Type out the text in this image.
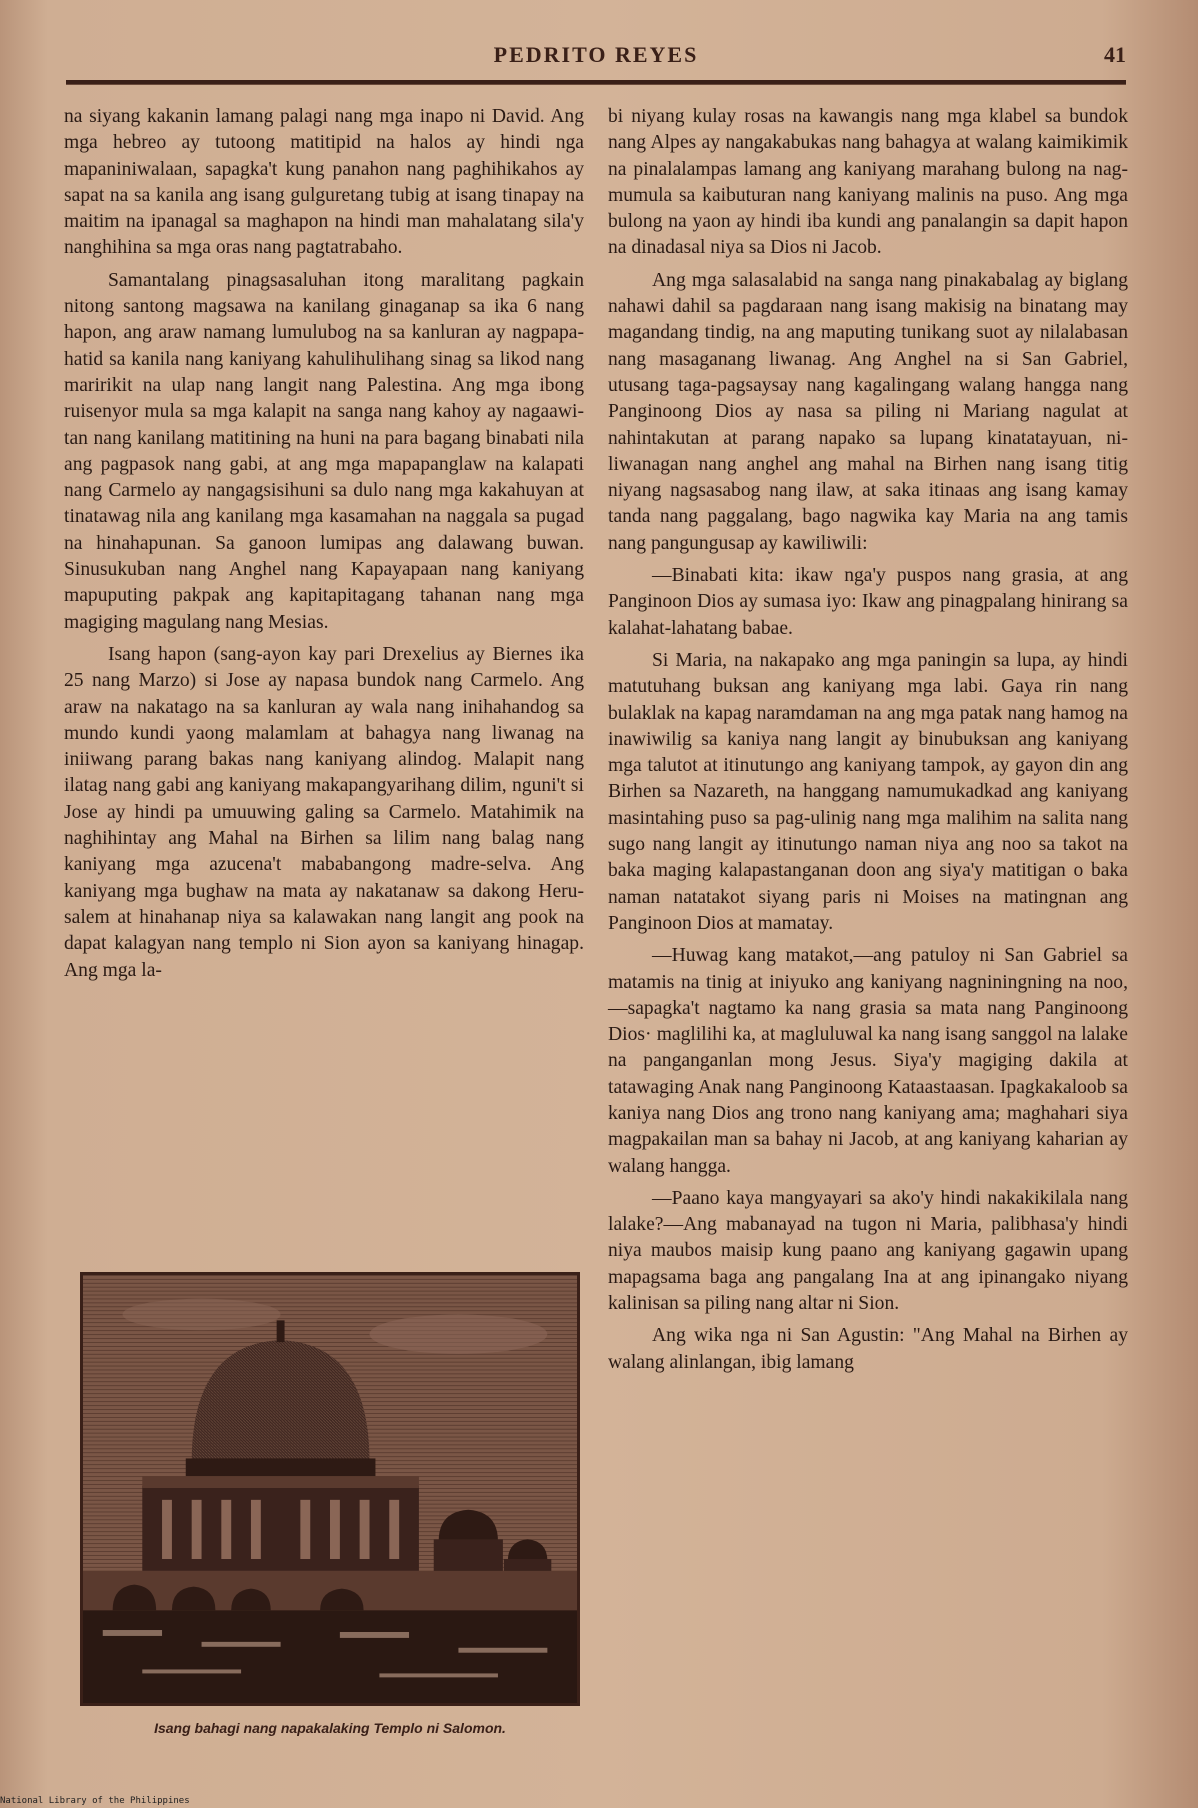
PEDRITO REYES	41

na siyang kakanin lamang palagi nang mga inapo ni David. Ang mga hebreo ay tutoong matitipid na halos ay hindi nga mapaniniwalaan, sapagka't kung panahon nang paghihikahos ay sapat na sa kanila ang isang gulguretang tubig at isang tinapay na maitim na ipanagal sa maghapon na hindi man mahalatang sila'y nanghihina sa mga oras nang pagtatrabaho.

Samantalang pinagsasaluhan itong maralitang pagkain nitong santong magsawa na kanilang ginaganap sa ika 6 nang hapon, ang araw namang lumulubog na sa kanluran ay nagpapahatid sa kanila nang kaniyang kahulihulihang sinag sa likod nang maririkit na ulap nang langit nang Palestina. Ang mga ibong ruisenyor mula sa mga kalapit na sanga nang kahoy ay nagaawitan nang kanilang matitining na huni na para bagang binabati nila ang pagpasok nang gabi, at ang mga mapapanglaw na kalapati nang Carmelo ay nangagsisihuni sa dulo nang mga kakahuyan at tinatawag nila ang kanilang mga kasamahan na naggala sa pugad na hinahapunan. Sa ganoon lumipas ang dalawang buwan. Sinusukuban nang Anghel nang Kapayapaan nang kaniyang mapuputing pakpak ang kapitapitagang tahanan nang mga magiging magulang nang Mesias.

Isang hapon (sang-ayon kay pari Drexelius ay Biernes ika 25 nang Marzo) si Jose ay napasa bundok nang Carmelo. Ang araw na nakatago na sa kanluran ay wala nang inihahandog sa mundo kundi yaong malamlam at bahagya nang liwanag na iniiwang parang bakas nang kaniyang alindog. Malapit nang ilatag nang gabi ang kaniyang makapangyarihang dilim, nguni't si Jose ay hindi pa umuuwing galing sa Carmelo. Matahimik na naghihintay ang Mahal na Birhen sa lilim nang balag nang kaniyang mga azucena't mababangong madre-selva. Ang kaniyang mga bughaw na mata ay nakatanaw sa dakong Herusalem at hinahanap niya sa kalawakan nang langit ang pook na dapat kalagyan nang templo ni Sion ayon sa kaniyang hinagap. Ang mga la-

Isang bahagi nang napakalaking Templo ni Salomon.

bi niyang kulay rosas na kawangis nang mga klabel sa bundok nang Alpes ay nangakabukas nang bahagya at walang kaimikimik na pinalalampas lamang ang kaniyang marahang bulong na nagmumula sa kaibuturan nang kaniyang malinis na puso. Ang mga bulong na yaon ay hindi iba kundi ang panalangin sa dapit hapon na dinadasal niya sa Dios ni Jacob.

Ang mga salasalabid na sanga nang pinakabalag ay biglang nahawi dahil sa pagdaraan nang isang makisig na binatang may magandang tindig, na ang maputing tunikang suot ay nilalabasan nang masaganang liwanag. Ang Anghel na si San Gabriel, utusang taga-pagsaysay nang kagalingang walang hangga nang Panginoong Dios ay nasa sa piling ni Mariang nagulat at nahintakutan at parang napako sa lupang kinatatayuan, niliwanagan nang anghel ang mahal na Birhen nang isang titig niyang nagsasabog nang ilaw, at saka itinaas ang isang kamay tanda nang paggalang, bago nagwika kay Maria na ang tamis nang pangungusap ay kawiliwili:

—Binabati kita: ikaw nga'y puspos nang grasia, at ang Panginoon Dios ay sumasa iyo: Ikaw ang pinagpalang hinirang sa kalahat-lahatang babae.

Si Maria, na nakapako ang mga paningin sa lupa, ay hindi matutuhang buksan ang kaniyang mga labi. Gaya rin nang bulaklak na kapag naramdaman na ang mga patak nang hamog na inawiwilig sa kaniya nang langit ay binubuksan ang kaniyang mga talutot at itinutungo ang kaniyang tampok, ay gayon din ang Birhen sa Nazareth, na hanggang namumukadkad ang kaniyang masintahing puso sa pag-ulinig nang mga malihim na salita nang sugo nang langit ay itinutungo naman niya ang noo sa takot na baka maging kalapastanganan doon ang siya'y matitigan o baka naman natatakot siyang paris ni Moises na matingnan ang Panginoon Dios at mamatay.

—Huwag kang matakot,—ang patuloy ni San Gabriel sa matamis na tinig at iniyuko ang kaniyang nagniningning na noo,—sapagka't nagtamo ka nang grasia sa mata nang Panginoong Dios· maglilihi ka, at magluluwal ka nang isang sanggol na lalake na panganganlan mong Jesus. Siya'y magiging dakila at tatawaging Anak nang Panginoong Kataastaasan. Ipagkakaloob sa kaniya nang Dios ang trono nang kaniyang ama; maghahari siya magpakailan man sa bahay ni Jacob, at ang kaniyang kaharian ay walang hangga.

—Paano kaya mangyayari sa ako'y hindi nakakikilala nang lalake?—Ang mabanayad na tugon ni Maria, palibhasa'y hindi niya maubos maisip kung paano ang kaniyang gagawin upang mapagsama baga ang pangalang Ina at ang ipinangako niyang kalinisan sa piling nang altar ni Sion.

Ang wika nga ni San Agustin: "Ang Mahal na Birhen ay walang alinlangan, ibig lamang

National Library of the Philippines
